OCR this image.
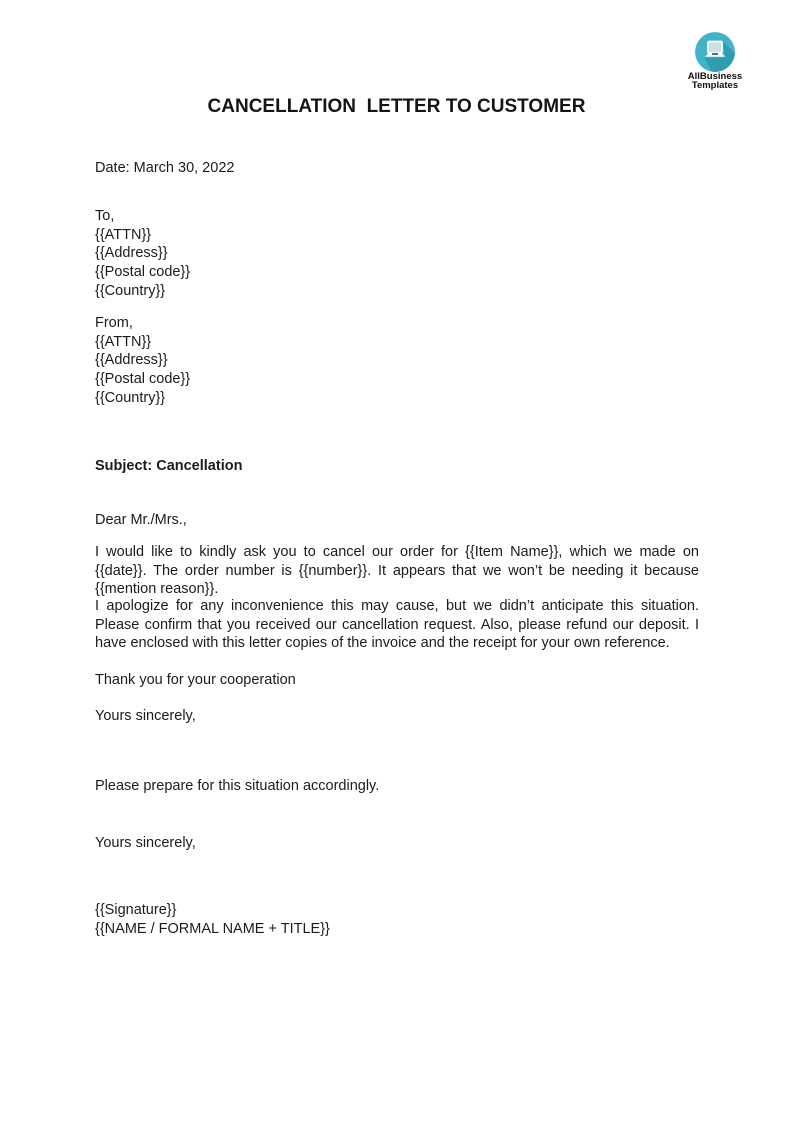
AllBusiness
Templates
CANCELLATION  LETTER TO CUSTOMER
Date: March 30, 2022
To,
{{ATTN}}
{{Address}}
{{Postal code}}
{{Country}}
From,
{{ATTN}}
{{Address}}
{{Postal code}}
{{Country}}
Subject: Cancellation
Dear Mr./Mrs.,

I would like to kindly ask you to cancel our order for {{Item Name}}, which we made on {{date}}. The order number is {{number}}. It appears that we won’t be needing it because {{mention reason}}.

I apologize for any inconvenience this may cause, but we didn’t anticipate this situation. Please confirm that you received our cancellation request. Also, please refund our deposit. I have enclosed with this letter copies of the invoice and the receipt for your own reference.

Thank you for your cooperation
Yours sincerely,
Please prepare for this situation accordingly.
Yours sincerely,
{{Signature}}
{{NAME / FORMAL NAME + TITLE}}
